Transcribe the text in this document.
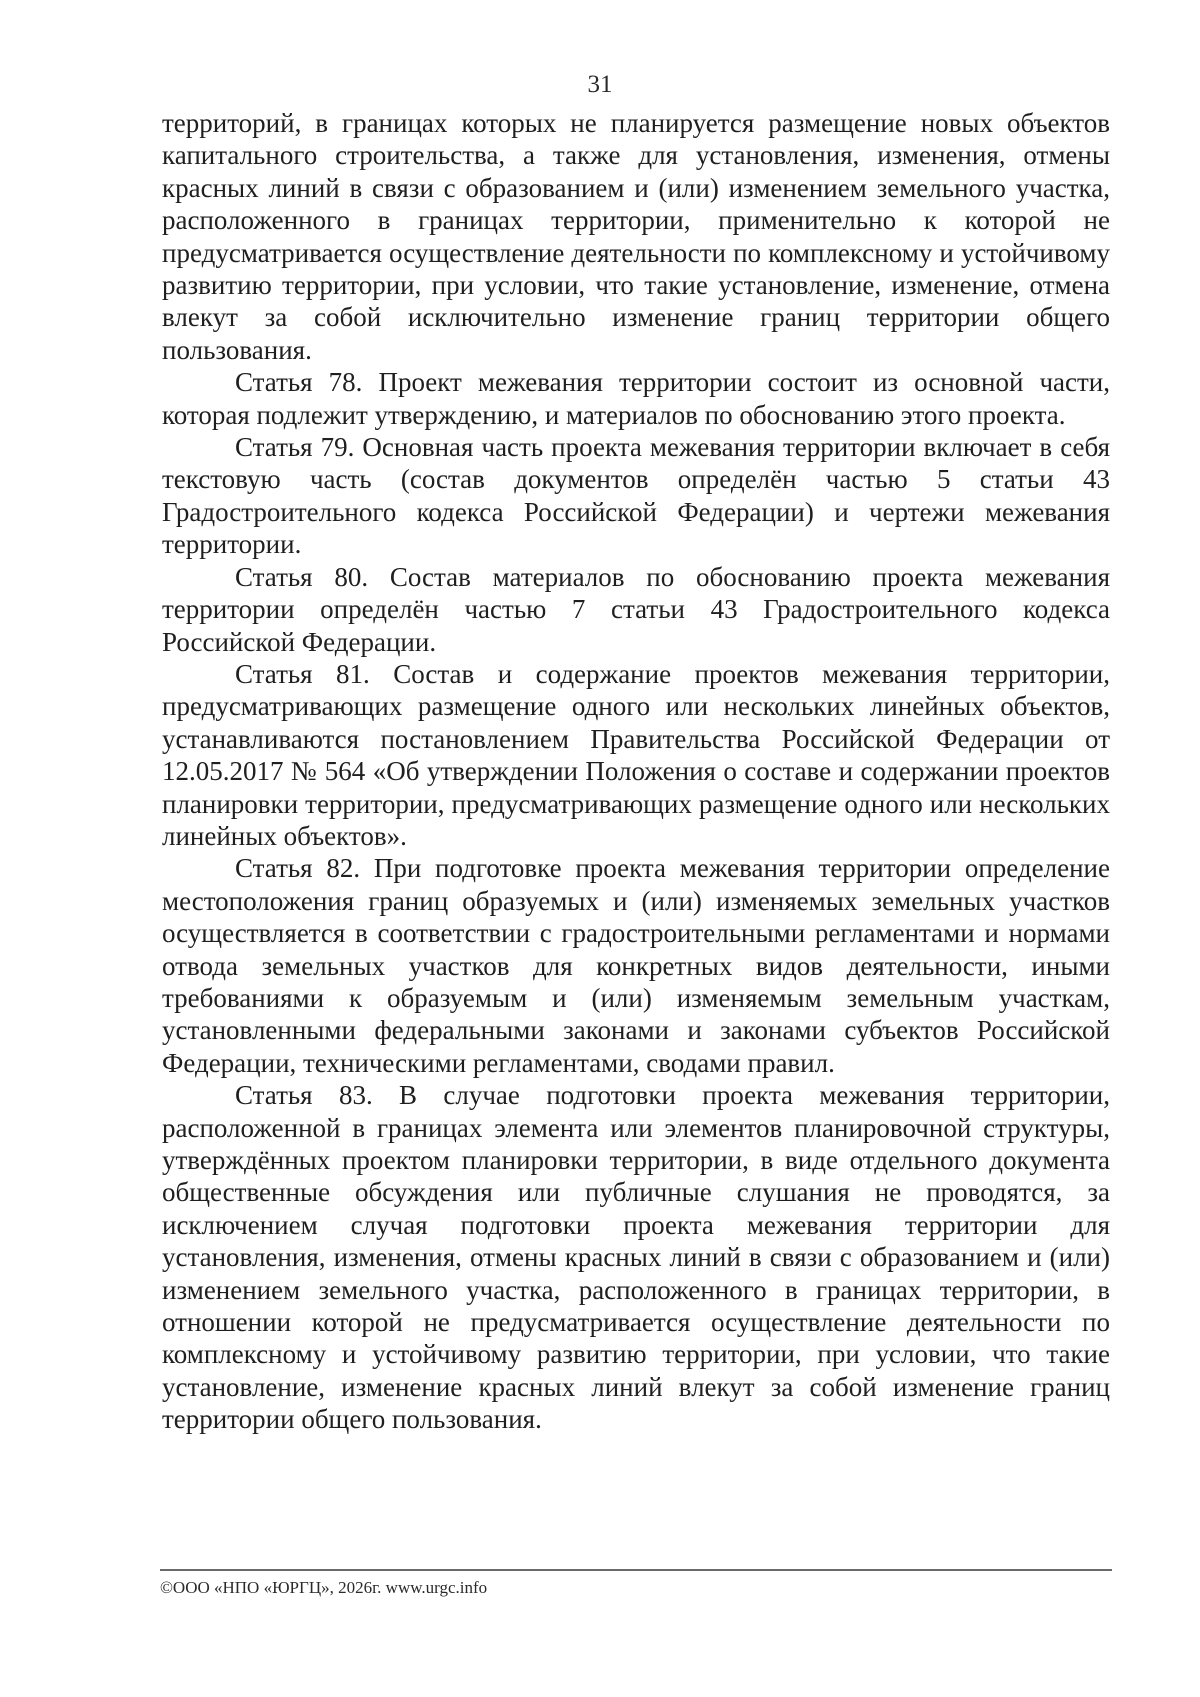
31

территорий, в границах которых не планируется размещение новых объектов капитального строительства, а также для установления, изменения, отмены красных линий в связи с образованием и (или) изменением земельного участка, расположенного в границах территории, применительно к которой не предусматривается осуществление деятельности по комплексному и устойчивому развитию территории, при условии, что такие установление, изменение, отмена влекут за собой исключительно изменение границ территории общего пользования.

Статья 78. Проект межевания территории состоит из основной части, которая подлежит утверждению, и материалов по обоснованию этого проекта.

Статья 79. Основная часть проекта межевания территории включает в себя текстовую часть (состав документов определён частью 5 статьи 43 Градостроительного кодекса Российской Федерации) и чертежи межевания территории.

Статья 80. Состав материалов по обоснованию проекта межевания территории определён частью 7 статьи 43 Градостроительного кодекса Российской Федерации.

Статья 81. Состав и содержание проектов межевания территории, предусматривающих размещение одного или нескольких линейных объектов, устанавливаются постановлением Правительства Российской Федерации от 12.05.2017 № 564 «Об утверждении Положения о составе и содержании проектов планировки территории, предусматривающих размещение одного или нескольких линейных объектов».

Статья 82. При подготовке проекта межевания территории определение местоположения границ образуемых и (или) изменяемых земельных участков осуществляется в соответствии с градостроительными регламентами и нормами отвода земельных участков для конкретных видов деятельности, иными требованиями к образуемым и (или) изменяемым земельным участкам, установленными федеральными законами и законами субъектов Российской Федерации, техническими регламентами, сводами правил.

Статья 83. В случае подготовки проекта межевания территории, расположенной в границах элемента или элементов планировочной структуры, утверждённых проектом планировки территории, в виде отдельного документа общественные обсуждения или публичные слушания не проводятся, за исключением случая подготовки проекта межевания территории для установления, изменения, отмены красных линий в связи с образованием и (или) изменением земельного участка, расположенного в границах территории, в отношении которой не предусматривается осуществление деятельности по комплексному и устойчивому развитию территории, при условии, что такие установление, изменение красных линий влекут за собой изменение границ территории общего пользования.

©ООО «НПО «ЮРГЦ», 2026г. www.urgc.info
